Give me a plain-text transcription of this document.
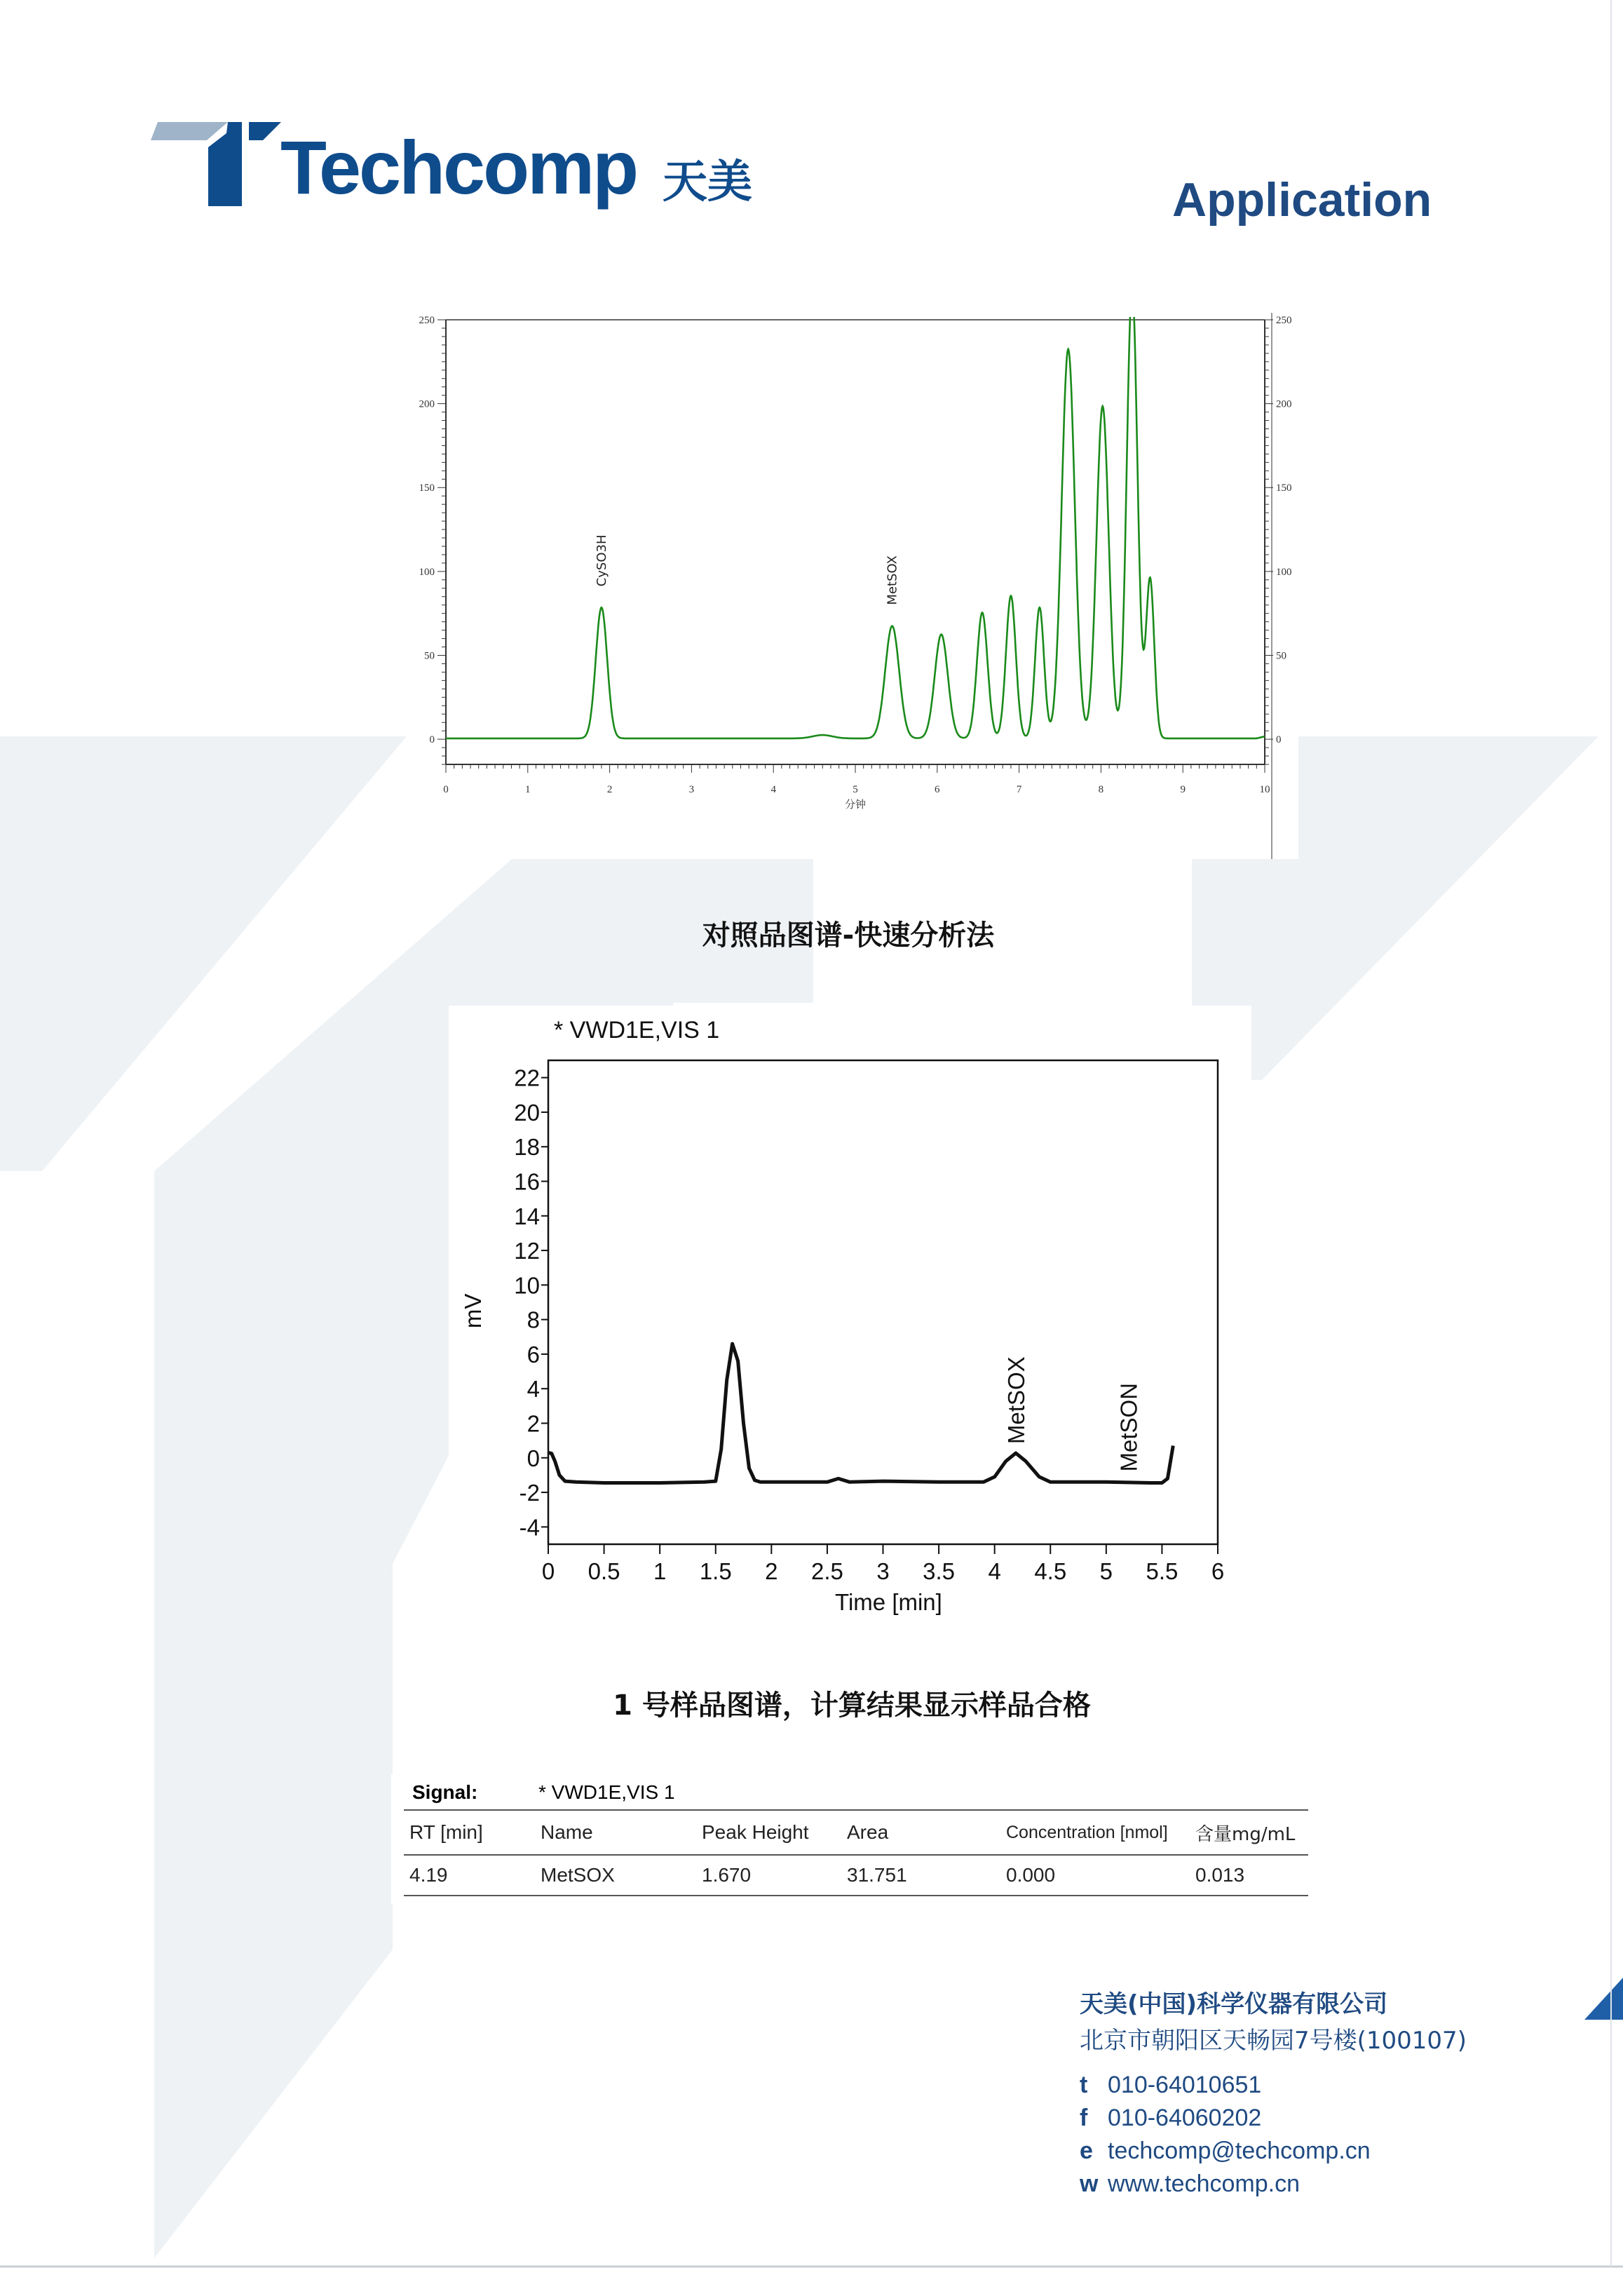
Techcomp 天美	Application
0	1	2	3	4	5	6	7	8	9	10
0	0
50	50
100	100
150	150
200	200
250	250
分钟
CySO3H	MetSOX
对照品图谱-快速分析法
* VWD1E,VIS 1
-4
-2
0
2
4
6
8
10
12
14
16
18
20
22
0 0.5 1 1.5 2 2.5 3 3.5 4 4.5 5 5.5 6
Time [min]
mV
MetSOX	MetSON
1 号样品图谱，计算结果显示样品合格
Signal:	* VWD1E,VIS 1
RT [min]	Name	Peak Height	Area	Concentration [nmol]	含量mg/mL
4.19	MetSOX	1.670	31.751	0.000	0.013
天美(中国)科学仪器有限公司
北京市朝阳区天畅园7号楼(100107)
t 010-64010651
f 010-64060202
e techcomp@techcomp.cn
w www.techcomp.cn
